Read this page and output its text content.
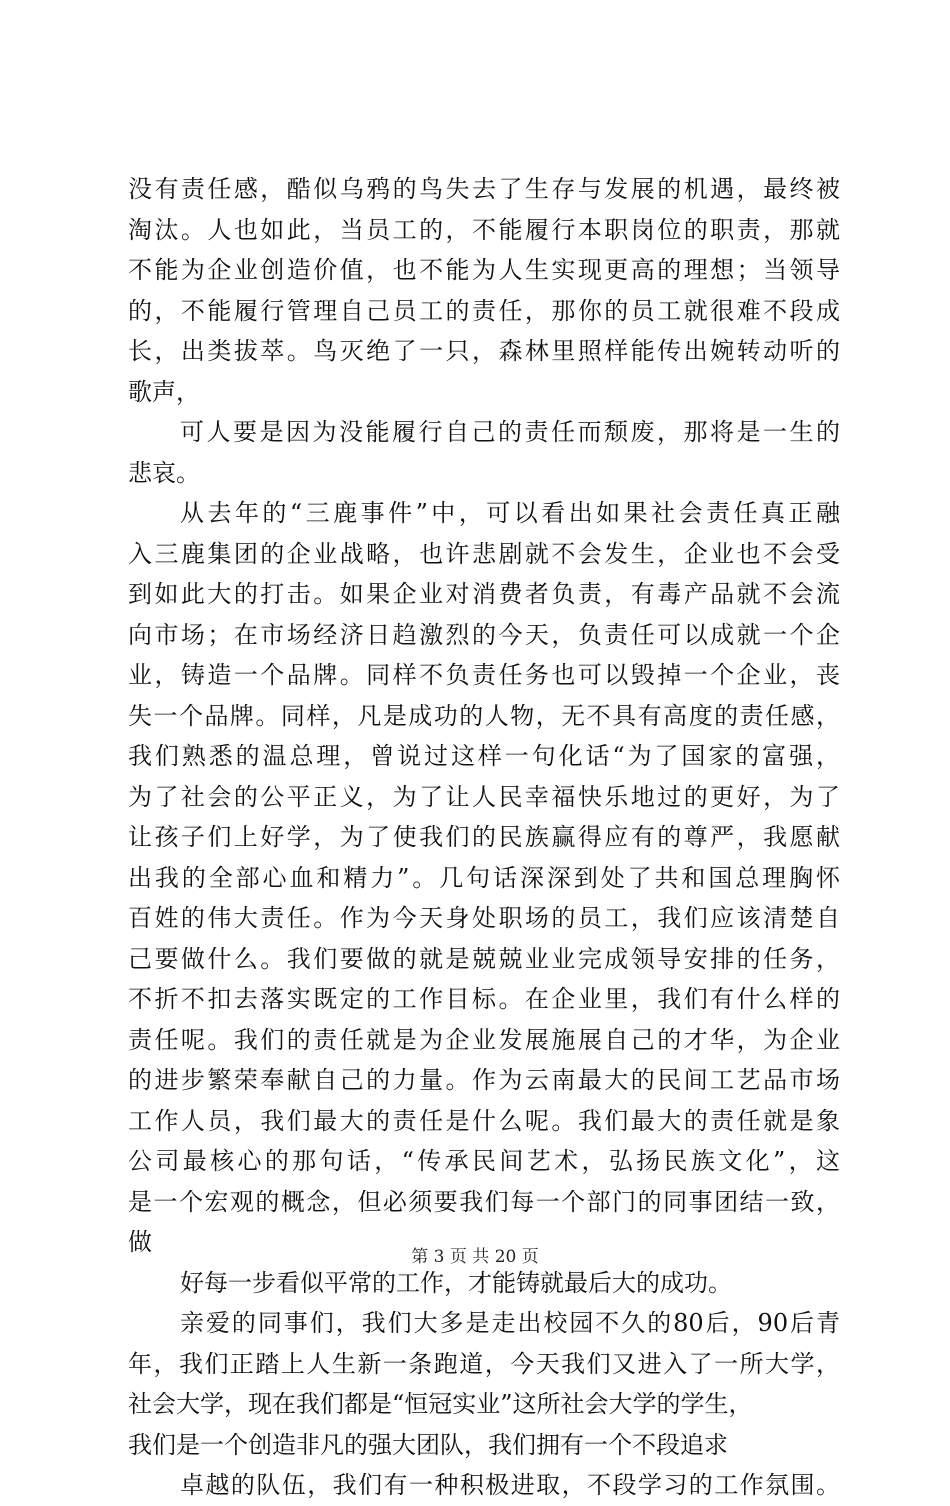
没有责任感，酷似乌鸦的鸟失去了生存与发展的机遇，最终被
淘汰。人也如此，当员工的，不能履行本职岗位的职责，那就
不能为企业创造价值，也不能为人生实现更高的理想；当领导
的，不能履行管理自己员工的责任，那你的员工就很难不段成
长，出类拔萃。鸟灭绝了一只，森林里照样能传出婉转动听的
歌声，
可人要是因为没能履行自己的责任而颓废，那将是一生的
悲哀。
从去年的“三鹿事件”中，可以看出如果社会责任真正融
入三鹿集团的企业战略，也许悲剧就不会发生，企业也不会受
到如此大的打击。如果企业对消费者负责，有毒产品就不会流
向市场；在市场经济日趋激烈的今天，负责任可以成就一个企
业，铸造一个品牌。同样不负责任务也可以毁掉一个企业，丧
失一个品牌。同样，凡是成功的人物，无不具有高度的责任感，
我们熟悉的温总理，曾说过这样一句化话“为了国家的富强，
为了社会的公平正义，为了让人民幸福快乐地过的更好，为了
让孩子们上好学，为了使我们的民族赢得应有的尊严，我愿献
出我的全部心血和精力”。几句话深深到处了共和国总理胸怀
百姓的伟大责任。作为今天身处职场的员工，我们应该清楚自
己要做什么。我们要做的就是兢兢业业完成领导安排的任务，
不折不扣去落实既定的工作目标。在企业里，我们有什么样的
责任呢。我们的责任就是为企业发展施展自己的才华，为企业
的进步繁荣奉献自己的力量。作为云南最大的民间工艺品市场
工作人员，我们最大的责任是什么呢。我们最大的责任就是象
公司最核心的那句话，“传承民间艺术，弘扬民族文化”，这
是一个宏观的概念，但必须要我们每一个部门的同事团结一致，
做
好每一步看似平常的工作，才能铸就最后大的成功。
亲爱的同事们，我们大多是走出校园不久的80后，90后青
年，我们正踏上人生新一条跑道，今天我们又进入了一所大学，
社会大学，现在我们都是“恒冠实业”这所社会大学的学生，
我们是一个创造非凡的强大团队，我们拥有一个不段追求
卓越的队伍，我们有一种积极进取，不段学习的工作氛围。
第 3 页 共 20 页
